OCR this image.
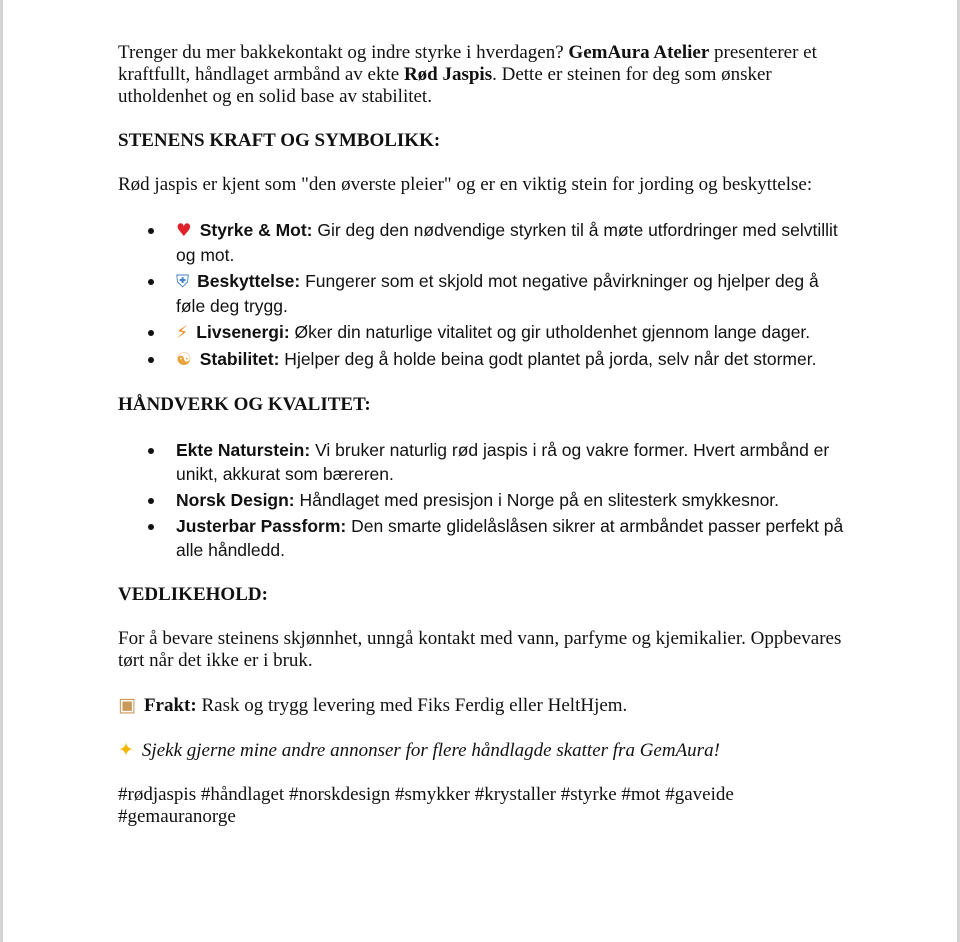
Trenger du mer bakkekontakt og indre styrke i hverdagen? GemAura Atelier presenterer et kraftfullt, håndlaget armbånd av ekte Rød Jaspis. Dette er steinen for deg som ønsker utholdenhet og en solid base av stabilitet.

STENENS KRAFT OG SYMBOLIKK:

Rød jaspis er kjent som "den øverste pleier" og er en viktig stein for jording og beskyttelse:

♥ Styrke & Mot: Gir deg den nødvendige styrken til å møte utfordringer med selvtillit og mot.
⛨ Beskyttelse: Fungerer som et skjold mot negative påvirkninger og hjelper deg å føle deg trygg.
⚡ Livsenergi: Øker din naturlige vitalitet og gir utholdenhet gjennom lange dager.
☯ Stabilitet: Hjelper deg å holde beina godt plantet på jorda, selv når det stormer.

HÅNDVERK OG KVALITET:

Ekte Naturstein: Vi bruker naturlig rød jaspis i rå og vakre former. Hvert armbånd er unikt, akkurat som bæreren.
Norsk Design: Håndlaget med presisjon i Norge på en slitesterk smykkesnor.
Justerbar Passform: Den smarte glidelåslåsen sikrer at armbåndet passer perfekt på alle håndledd.

VEDLIKEHOLD:

For å bevare steinens skjønnhet, unngå kontakt med vann, parfyme og kjemikalier. Oppbevares tørt når det ikke er i bruk.

▣ Frakt: Rask og trygg levering med Fiks Ferdig eller HeltHjem.

✦ Sjekk gjerne mine andre annonser for flere håndlagde skatter fra GemAura!

#rødjaspis #håndlaget #norskdesign #smykker #krystaller #styrke #mot #gaveide #gemauranorge
